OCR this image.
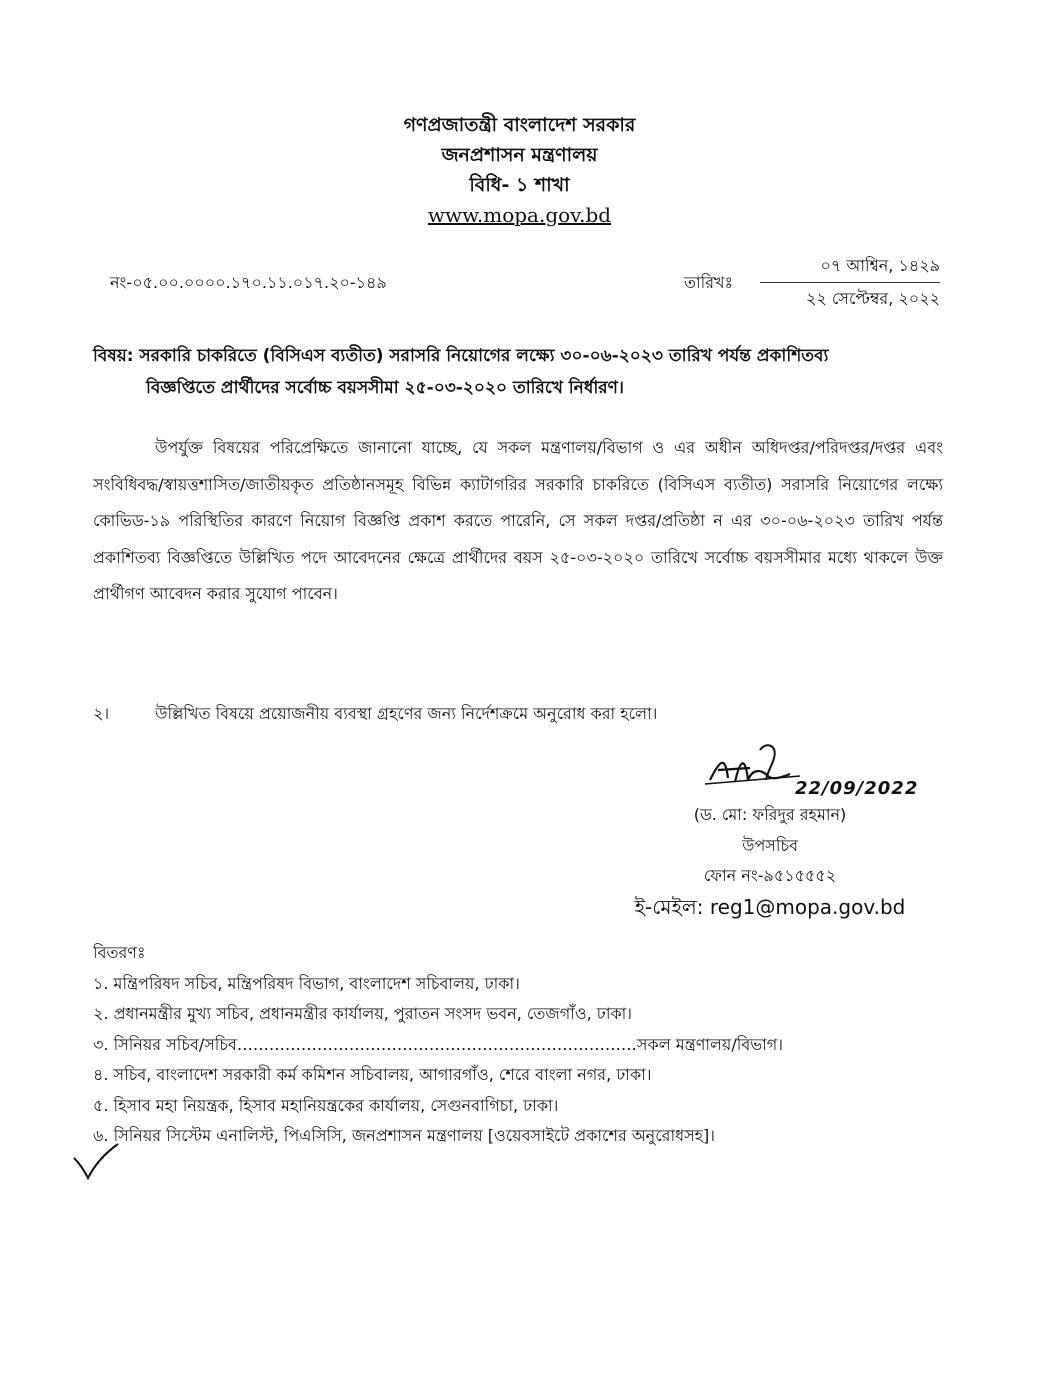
গণপ্রজাতন্ত্রী বাংলাদেশ সরকার
জনপ্রশাসন মন্ত্রণালয়
বিধি- ১ শাখা
www.mopa.gov.bd
নং-০৫.০০.০০০০.১৭০.১১.০১৭.২০-১৪৯	তারিখঃ
০৭ আশ্বিন, ১৪২৯
২২ সেপ্টেম্বর, ২০২২
বিষয়: সরকারি চাকরিতে (বিসিএস ব্যতীত) সরাসরি নিয়োগের লক্ষ্যে ৩০-০৬-২০২৩ তারিখ পর্যন্ত প্রকাশিতব্য
বিজ্ঞপ্তিতে প্রার্থীদের সর্বোচ্চ বয়সসীমা ২৫-০৩-২০২০ তারিখে নির্ধারণ।
উপর্যুক্ত বিষয়ের পরিপ্রেক্ষিতে জানানো যাচ্ছে, যে সকল মন্ত্রণালয়/বিভাগ ও এর অধীন অধিদপ্তর/পরিদপ্তর/দপ্তর এবং সংবিধিবদ্ধ/স্বায়ত্তশাসিত/জাতীয়কৃত প্রতিষ্ঠানসমূহ বিভিন্ন ক্যাটাগরির সরকারি চাকরিতে (বিসিএস ব্যতীত) সরাসরি নিয়োগের লক্ষ্যে কোভিড-১৯ পরিস্থিতির কারণে নিয়োগ বিজ্ঞপ্তি প্রকাশ করতে পারেনি, সে সকল দপ্তর/প্রতিষ্ঠা ন এর ৩০-০৬-২০২৩ তারিখ পর্যন্ত প্রকাশিতব্য বিজ্ঞপ্তিতে উল্লিখিত পদে আবেদনের ক্ষেত্রে প্রার্থীদের বয়স ২৫-০৩-২০২০ তারিখে সর্বোচ্চ বয়সসীমার মধ্যে থাকলে উক্ত প্রার্থীগণ আবেদন করার সুযোগ পাবেন।
২।	উল্লিখিত বিষয়ে প্রয়োজনীয় ব্যবস্থা গ্রহণের জন্য নির্দেশক্রমে অনুরোধ করা হলো।
22/09/2022
(ড. মো: ফরিদুর রহমান)
উপসচিব
ফোন নং-৯৫১৫৫৫২
ই-মেইল: reg1@mopa.gov.bd
বিতরণঃ
১. মন্ত্রিপরিষদ সচিব, মন্ত্রিপরিষদ বিভাগ, বাংলাদেশ সচিবালয়, ঢাকা।
২. প্রধানমন্ত্রীর মুখ্য সচিব, প্রধানমন্ত্রীর কার্যালয়, পুরাতন সংসদ ভবন, তেজগাঁও, ঢাকা।
৩. সিনিয়র সচিব/সচিব…………………………………………………………………সকল মন্ত্রণালয়/বিভাগ।
৪. সচিব, বাংলাদেশ সরকারী কর্ম কমিশন সচিবালয়, আগারগাঁও, শেরে বাংলা নগর, ঢাকা।
৫. হিসাব মহা নিয়ন্ত্রক, হিসাব মহানিয়ন্ত্রকের কার্যালয়, সেগুনবাগিচা, ঢাকা।
৬. সিনিয়র সিস্টেম এনালিস্ট, পিএসিসি, জনপ্রশাসন মন্ত্রণালয় [ওয়েবসাইটে প্রকাশের অনুরোধসহ]।
